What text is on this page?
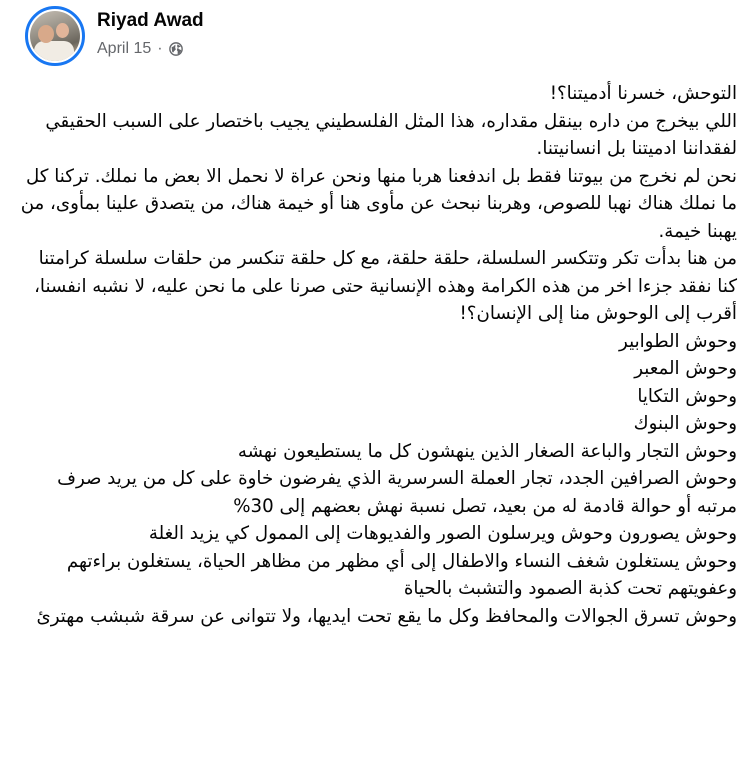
Riyad Awad
April 15 ·

التوحش، خسرنا أدميتنا؟!

اللي بيخرج من داره بينقل مقداره، هذا المثل الفلسطيني يجيب باختصار على السبب الحقيقي لفقداننا ادميتنا بل انسانيتنا.

نحن لم نخرج من بيوتنا فقط بل اندفعنا هربا منها ونحن عراة لا نحمل الا بعض ما نملك. تركنا كل ما نملك هناك نهبا للصوص، وهربنا نبحث عن مأوى هنا أو خيمة هناك، من يتصدق علينا بمأوى، من يهبنا خيمة.

من هنا بدأت تكر وتتكسر السلسلة، حلقة حلقة، مع كل حلقة تنكسر من حلقات سلسلة كرامتنا كنا نفقد جزءا اخر من هذه الكرامة وهذه الإنسانية حتى صرنا على ما نحن عليه، لا نشبه انفسنا، أقرب إلى الوحوش منا إلى الإنسان؟!

وحوش الطوابير

وحوش المعبر

وحوش التكايا

وحوش البنوك

وحوش التجار والباعة الصغار الذين ينهشون كل ما يستطيعون نهشه

وحوش الصرافين الجدد، تجار العملة السرسرية الذي يفرضون خاوة على كل من يريد صرف مرتبه أو حوالة قادمة له من بعيد، تصل نسبة نهش بعضهم إلى 30%

وحوش يصورون وحوش ويرسلون الصور والفديوهات إلى الممول كي يزيد الغلة

وحوش يستغلون شغف النساء والاطفال إلى أي مظهر من مظاهر الحياة، يستغلون براءتهم وعفويتهم تحت كذبة الصمود والتشبث بالحياة

وحوش تسرق الجوالات والمحافظ وكل ما يقع تحت ايديها، ولا تتوانى عن سرقة شبشب مهترئ
